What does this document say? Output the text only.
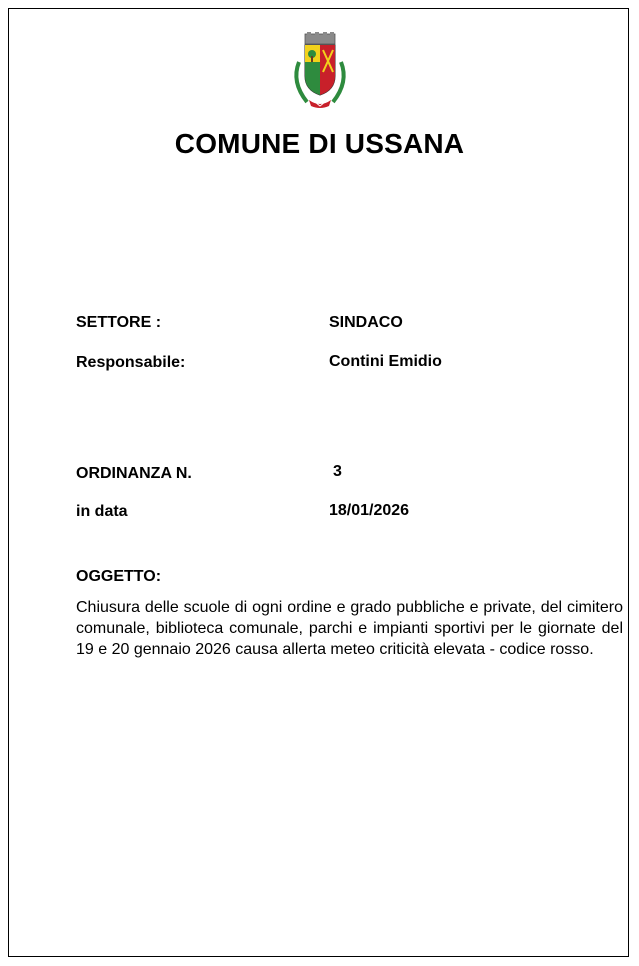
COMUNE DI USSANA
SETTORE :	SINDACO
Responsabile:	Contini Emidio
ORDINANZA N.	3
in data	18/01/2026
OGGETTO:
Chiusura delle scuole di ogni ordine e grado pubbliche e private, del cimitero comunale, biblioteca comunale, parchi e impianti sportivi per le giornate del 19 e 20 gennaio 2026 causa allerta meteo criticità elevata - codice rosso.
